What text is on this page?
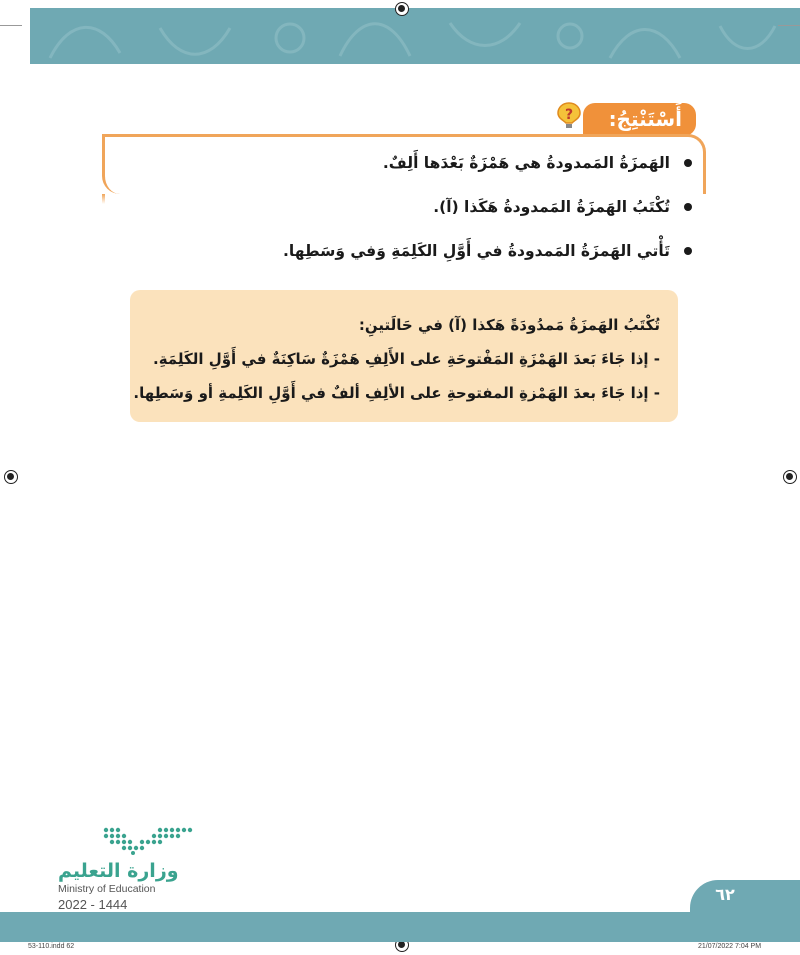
أَسْتَنْتِجُ:
?
الهَمزَةُ المَمدودةُ هي هَمْزَةٌ بَعْدَها أَلِفٌ.
تُكْتَبُ الهَمزَةُ المَمدودةُ هَكَذا (آ).
تَأْتي الهَمزَةُ المَمدودةُ في أَوَّلِ الكَلِمَةِ وَفي وَسَطِها.

تُكْتَبُ الهَمزَةُ مَمدُودَةً هَكذا (آ) في حَالَتينِ:

- إذا جَاءَ بَعدَ الهَمْزَةِ المَفْتوحَةِ على الأَلِفِ هَمْزَةٌ سَاكِنَةٌ في أَوَّلِ الكَلِمَةِ.

- إذا جَاءَ بعدَ الهَمْزةِ المفتوحةِ على الألِفِ ألفٌ في أَوَّلِ الكَلِمةِ أو وَسَطِها.

وزارة التعليم
Ministry of Education
2022 - 1444
٦٢
53-110.indd 62	21/07/2022 7:04 PM
